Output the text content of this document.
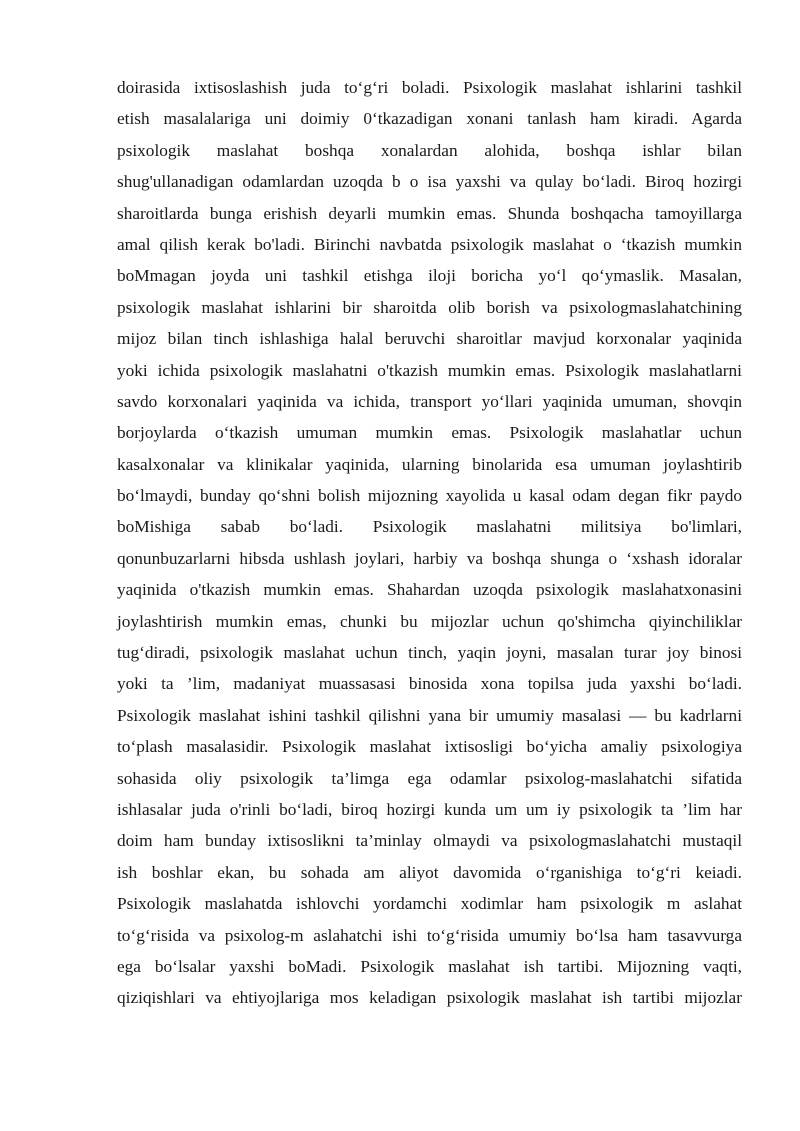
doirasida ixtisoslashish juda to‘g‘ri boladi. Psixologik maslahat ishlarini tashkil
etish masalalariga uni doimiy 0‘tkazadigan xonani tanlash ham kiradi. Agarda
psixologik maslahat boshqa xonalardan alohida, boshqa ishlar bilan
shug'ullanadigan odamlardan uzoqda b o isa yaxshi va qulay bo‘ladi. Biroq hozirgi
sharoitlarda bunga erishish deyarli mumkin emas. Shunda boshqacha tamoyillarga
amal qilish kerak bo'ladi. Birinchi navbatda psixologik maslahat o ‘tkazish mumkin
boMmagan joyda uni tashkil etishga iloji boricha yo‘l qo‘ymaslik. Masalan,
psixologik maslahat ishlarini bir sharoitda olib borish va psixologmaslahatchining
mijoz bilan tinch ishlashiga halal beruvchi sharoitlar mavjud korxonalar yaqinida
yoki ichida psixologik maslahatni o'tkazish mumkin emas. Psixologik maslahatlarni
savdo korxonalari yaqinida va ichida, transport yo‘llari yaqinida umuman, shovqin
borjoylarda o‘tkazish umuman mumkin emas. Psixologik maslahatlar uchun
kasalxonalar va klinikalar yaqinida, ularning binolarida esa umuman joylashtirib
bo‘lmaydi, bunday qo‘shni bolish mijozning xayolida u kasal odam degan fikr paydo
boMishiga sabab bo‘ladi. Psixologik maslahatni militsiya bo'limlari,
qonunbuzarlarni hibsda ushlash joylari, harbiy va boshqa shunga o ‘xshash idoralar
yaqinida o'tkazish mumkin emas. Shahardan uzoqda psixologik maslahatxonasini
joylashtirish mumkin emas, chunki bu mijozlar uchun qo'shimcha qiyinchiliklar
tug‘diradi, psixologik maslahat uchun tinch, yaqin joyni, masalan turar joy binosi
yoki ta ’lim, madaniyat muassasasi binosida xona topilsa juda yaxshi bo‘ladi.
Psixologik maslahat ishini tashkil qilishni yana bir umumiy masalasi — bu kadrlarni
to‘plash masalasidir. Psixologik maslahat ixtisosligi bo‘yicha amaliy psixologiya
sohasida oliy psixologik ta’limga ega odamlar psixolog-maslahatchi sifatida
ishlasalar juda o'rinli bo‘ladi, biroq hozirgi kunda um um iy psixologik ta ’lim har
doim ham bunday ixtisoslikni ta’minlay olmaydi va psixologmaslahatchi mustaqil
ish boshlar ekan, bu sohada am aliyot davomida o‘rganishiga to‘g‘ri keiadi.
Psixologik maslahatda ishlovchi yordamchi xodimlar ham psixologik m aslahat
to‘g‘risida va psixolog-m aslahatchi ishi to‘g‘risida umumiy bo‘lsa ham tasavvurga
ega bo‘lsalar yaxshi boMadi. Psixologik maslahat ish tartibi. Mijozning vaqti,
qiziqishlari va ehtiyojlariga mos keladigan psixologik maslahat ish tartibi mijozlar
